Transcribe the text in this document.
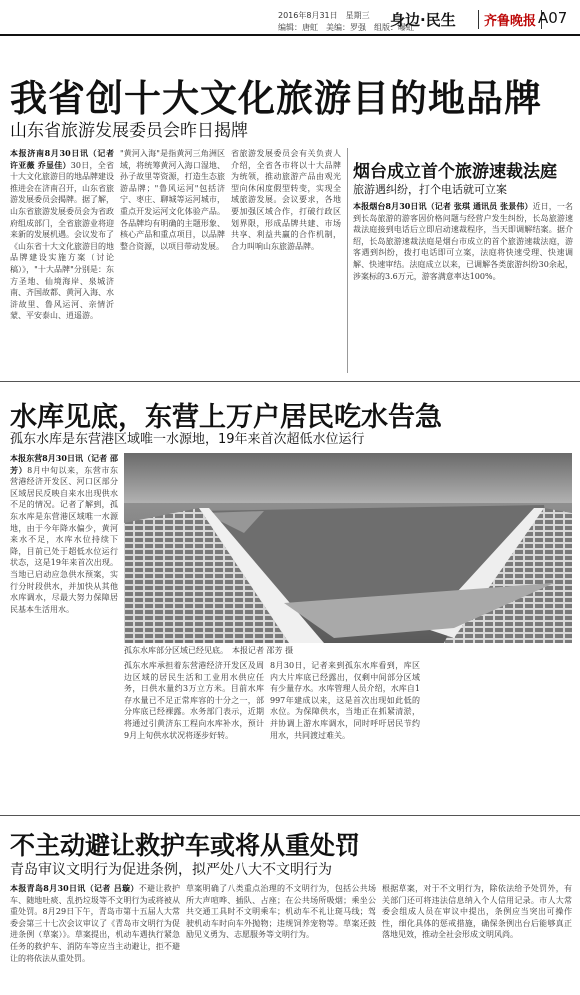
2016年8月31日　星期三
编辑：唐虹　美编：罗强　组版：曝虹
身边·民生	齐鲁晚报 A07
我省创十大文化旅游目的地品牌
山东省旅游发展委员会昨日揭牌
本报济南8月30日讯（记者 许亚薇 乔显佳）30日，全省十大文化旅游目的地品牌建设推进会在济南召开，山东省旅游发展委员会揭牌。据了解，山东省旅游发展委员会为省政府组成部门，全省旅游业将迎来新的发展机遇。会议发布了《山东省十大文化旅游目的地品牌建设实施方案（讨论稿）》，"十大品牌"分别是：东方圣地、仙境海岸、泉城济南、齐国故都、黄河入海、水浒故里、鲁风运河、亲情沂蒙、平安泰山、逍遥游。
"黄河入海"是指黄河三角洲区域，将统筹黄河入海口湿地、孙子故里等资源，打造生态旅游品牌；"鲁风运河"包括济宁、枣庄、聊城等运河城市，重点开发运河文化体验产品。各品牌均有明确的主题形象、核心产品和重点项目，以品牌整合资源，以项目带动发展。
省旅游发展委员会有关负责人介绍，全省各市将以十大品牌为统领，推动旅游产品由观光型向休闲度假型转变，实现全域旅游发展。会议要求，各地要加强区域合作，打破行政区划界限，形成品牌共建、市场共享、利益共赢的合作机制，合力叫响山东旅游品牌。
烟台成立首个旅游速裁法庭
旅游遇纠纷，打个电话就可立案
本报烟台8月30日讯（记者 张琪 通讯员 张景伟）近日，一名到长岛旅游的游客因价格问题与经营户发生纠纷，长岛旅游速裁法庭接到电话后立即启动速裁程序，当天即调解结案。据介绍，长岛旅游速裁法庭是烟台市成立的首个旅游速裁法庭，游客遇到纠纷，拨打电话即可立案，法庭将快速受理、快速调解、快速审结。法庭成立以来，已调解各类旅游纠纷30余起，涉案标的3.6万元，游客满意率达100%。
水库见底，东营上万户居民吃水告急
孤东水库是东营港区域唯一水源地，19年来首次超低水位运行
本报东营8月30日讯（记者 邵芳）8月中旬以来，东营市东营港经济开发区、河口区部分区域居民反映自来水出现供水不足的情况。记者了解到，孤东水库是东营港区域唯一水源地，由于今年降水偏少，黄河来水不足，水库水位持续下降，目前已处于超低水位运行状态，这是19年来首次出现。当地已启动应急供水预案，实行分时段供水，并加快从其他水库调水，尽最大努力保障居民基本生活用水。
孤东水库部分区域已经见底。　本报记者 邵芳 摄
孤东水库承担着东营港经济开发区及周边区域的居民生活和工业用水供应任务，日供水量约3万立方米。目前水库存水量已不足正常库容的十分之一，部分库底已经裸露。水务部门表示，近期将通过引黄济东工程向水库补水，预计9月上旬供水状况将逐步好转。
8月30日，记者来到孤东水库看到，库区内大片库底已经露出，仅剩中间部分区域有少量存水。水库管理人员介绍，水库自1997年建成以来，这是首次出现如此低的水位。为保障供水，当地正在抓紧清淤，并协调上游水库调水，同时呼吁居民节约用水，共同渡过难关。
不主动避让救护车或将从重处罚
青岛审议文明行为促进条例，拟严处八大不文明行为
本报青岛8月30日讯（记者 吕璇）不避让救护车、随地吐痰、乱扔垃圾等不文明行为或将被从重处罚。8月29日下午，青岛市第十五届人大常委会第三十七次会议审议了《青岛市文明行为促进条例（草案）》。草案提出，机动车遇执行紧急任务的救护车、消防车等应当主动避让，拒不避让的将依法从重处罚。
草案明确了八类重点治理的不文明行为，包括公共场所大声喧哗、插队、占座；在公共场所吸烟；乘坐公共交通工具时不文明乘车；机动车不礼让斑马线；驾驶机动车时向车外抛物；违规饲养宠物等。草案还鼓励见义勇为、志愿服务等文明行为。
根据草案，对于不文明行为，除依法给予处罚外，有关部门还可将违法信息纳入个人信用记录。市人大常委会组成人员在审议中提出，条例应当突出可操作性，细化具体的惩戒措施，确保条例出台后能够真正落地见效，推动全社会形成文明风尚。
